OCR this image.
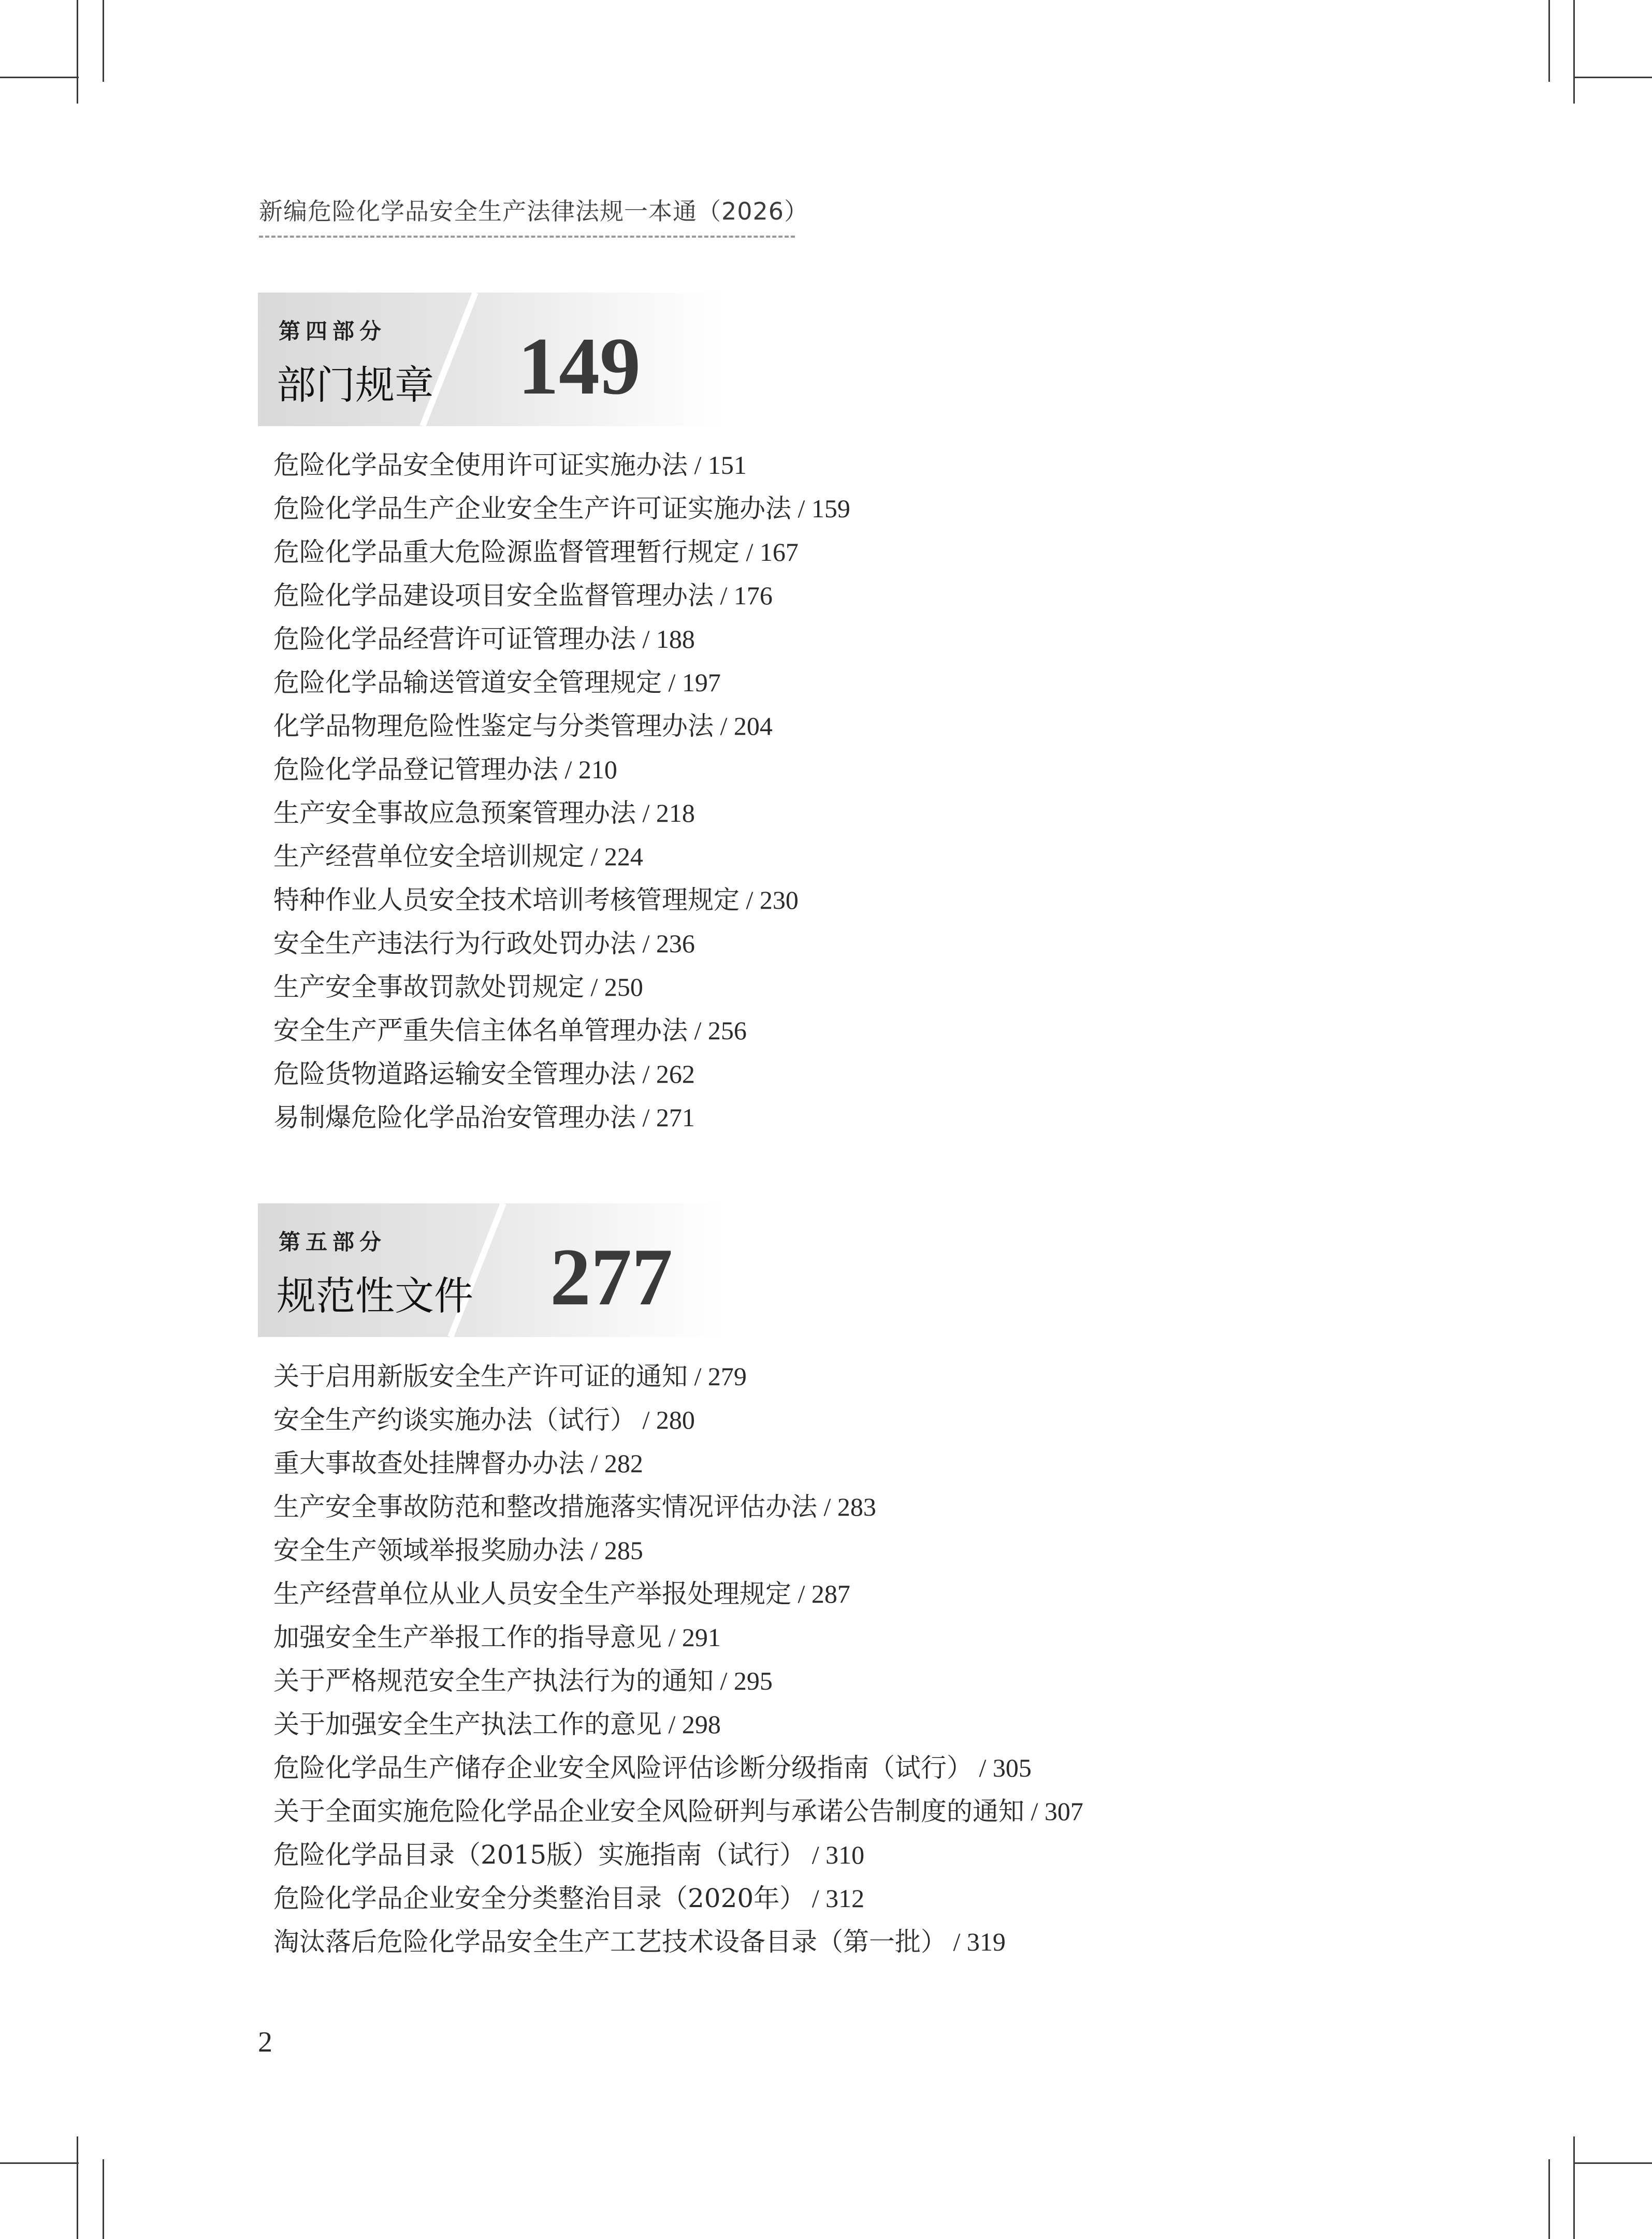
新编危险化学品安全生产法律法规一本通（2026）
第四部分
部门规章 149
危险化学品安全使用许可证实施办法 / 151
危险化学品生产企业安全生产许可证实施办法 / 159
危险化学品重大危险源监督管理暂行规定 / 167
危险化学品建设项目安全监督管理办法 / 176
危险化学品经营许可证管理办法 / 188
危险化学品输送管道安全管理规定 / 197
化学品物理危险性鉴定与分类管理办法 / 204
危险化学品登记管理办法 / 210
生产安全事故应急预案管理办法 / 218
生产经营单位安全培训规定 / 224
特种作业人员安全技术培训考核管理规定 / 230
安全生产违法行为行政处罚办法 / 236
生产安全事故罚款处罚规定 / 250
安全生产严重失信主体名单管理办法 / 256
危险货物道路运输安全管理办法 / 262
易制爆危险化学品治安管理办法 / 271
第五部分
规范性文件 277
关于启用新版安全生产许可证的通知 / 279
安全生产约谈实施办法（试行） / 280
重大事故查处挂牌督办办法 / 282
生产安全事故防范和整改措施落实情况评估办法 / 283
安全生产领域举报奖励办法 / 285
生产经营单位从业人员安全生产举报处理规定 / 287
加强安全生产举报工作的指导意见 / 291
关于严格规范安全生产执法行为的通知 / 295
关于加强安全生产执法工作的意见 / 298
危险化学品生产储存企业安全风险评估诊断分级指南（试行） / 305
关于全面实施危险化学品企业安全风险研判与承诺公告制度的通知 / 307
危险化学品目录（2015版）实施指南（试行） / 310
危险化学品企业安全分类整治目录（2020年） / 312
淘汰落后危险化学品安全生产工艺技术设备目录（第一批） / 319
2
